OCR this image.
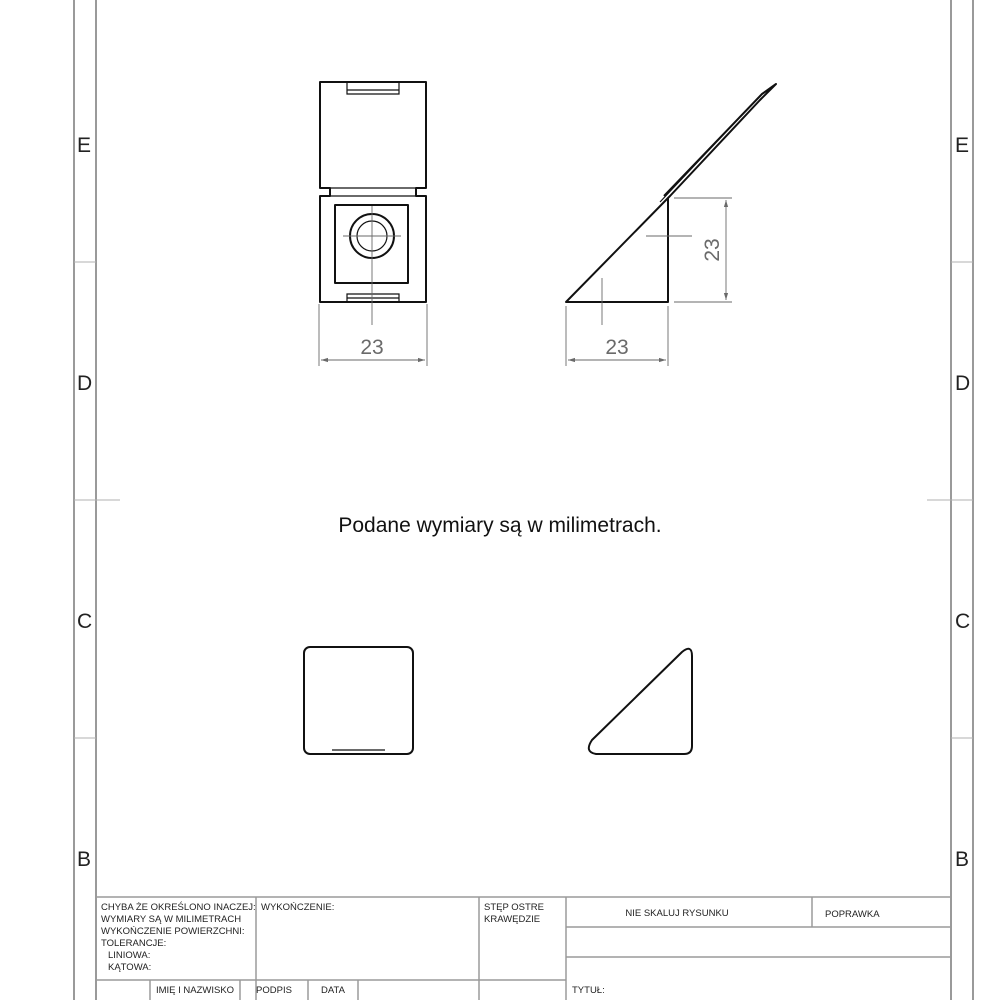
E
D
C
B
E
D
C
B
23	23
23
Podane wymiary są w milimetrach.
CHYBA ŻE OKREŚLONO INACZEJ:
WYMIARY SĄ W MILIMETRACH
WYKOŃCZENIE POWIERZCHNI:
TOLERANCJE:
LINIOWA:
KĄTOWA:
WYKOŃCZENIE:	STĘP OSTRE
KRAWĘDZIE
NIE SKALUJ RYSUNKU	POPRAWKA
IMIĘ I NAZWISKO PODPIS	DATA	TYTUŁ:
